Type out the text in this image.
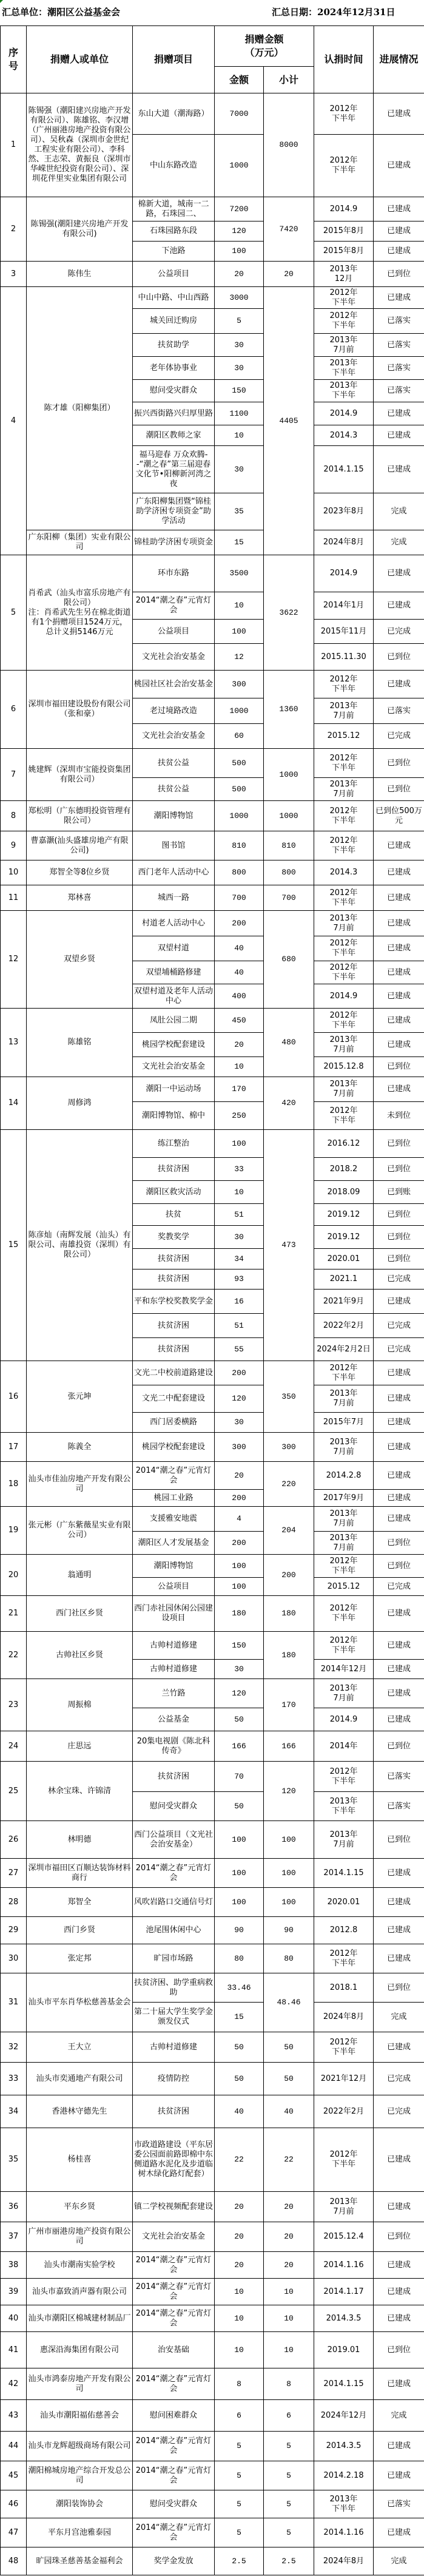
汇总单位：潮阳区公益基金会	汇总日期：2024年12月31日
序
号	捐赠人或单位	捐赠项目	捐赠金额
（万元）		认捐时间	进展情况
			金额	小计		
1	陈锡强（潮阳建兴房地产开发有限公司）、陈雄铭、李汉增（广州丽港房地产投资有限公司）、吴秋森（深圳市金世纪工程实业有限公司）、李科然、王志荣、黄振良（深圳市华嵘世纪投资有限公司）、深圳花伴里实业集团有限公司	东山大道（潮海路）	7000	8000	2012年
下半年	已建成
		中山东路改造	1000		2012年
下半年	已建成
2	陈锡强(潮阳建兴房地产开发有限公司)	棉新大道，城南一二路，石珠园二、	7200	7420	2014.9	已建成
		石珠园路东段	120		2015年8月	已建成
		下池路	100		2015年8月	已建成
3	陈伟生	公益项目	20	20	2013年
12月	已到位
4	陈才雄（阳柳集团）	中山中路、中山西路	3000	4405	2012年
下半年	已建成
		城关回迁购房	5		2012年
下半年	已落实
		扶贫助学	30		2013年
7月前	已落实
		老年体协事业	30		2013年
下半年	已落实
		慰问受灾群众	150		2013年
下半年	已落实
		振兴西街路兴归厚里路	1100		2014.9	已建成
		潮阳区教师之家	10		2014.3	已建成
		福马迎春 万众欢腾--“潮之春”第三届迎春文化节•阳柳新河湾之夜	30		2014.1.15	已建成
		广东阳柳集团暨“锦桂助学济困专项资金”助学活动	35		2023年8月	完成
	广东阳柳（集团）实业有限公司	锦桂助学济困专项资金	15		2024年8月	完成
5	肖希武（汕头市富乐房地产有限公司）
注：肖希武先生另在棉北街道有1个捐赠项目1524万元，总计义捐5146万元	环市东路	3500	3622	2014.9	已建成
		2014“潮之春”元宵灯会	10		2014年1月	已建成
		公益项目	100		2015年11月	已完成
		文光社会治安基金	12		2015.11.30	已到位
6	深圳市福田建设股份有限公司
（张和豪）	桃园社区社会治安基金	300	1360	2012年
下半年	已建成
		老过境路改造	1000		2013年
7月前	已落实
		文光社会治安基金	60		2015.12	已完成
7	姚建辉（深圳市宝能投资集团有限公司）	扶贫公益	500	1000	2012年
下半年	已到位
		扶贫公益	500		2013年
7月前	已到位
8	郑松明（广东德明投资管理有限公司）	潮阳博物馆	1000	1000	2012年
下半年	已到位500万元
9	曹嘉灏(汕头盛雄房地产有限公司)	图书馆	810	810	2012年
下半年	已建成
10	郑智全等8位乡贤	西门老年人活动中心	800	800	2014.3	已建成
11	郑林喜	城西一路	700	700	2012年
下半年	已建成
12	双望乡贤	村道老人活动中心	200	680	2013年
7月前	已建成
		双望村道	40		2012年
下半年	已建成
		双望埔桶路修建	40		2012年
下半年	已建成
		双望村道及老年人活动中心	400		2014.9	已建成
13	陈雄铭	凤肚公园二期	450	480	2012年
下半年	已建成
		桃园学校配套建设	20		2013年
7月前	已建成
		文光社会治安基金	10		2015.12.8	已到位
14	周修鸿	潮阳一中运动场	170	420	2013年
7月前	已建成
		潮阳博物馆、棉中	250		2012年
下半年	未到位
15	陈彦灿（南辉发展（汕头）有限公司、南雄投资（深圳）有限公司）	练江整治	100	473	2016.12	已到位
		扶贫济困	33		2018.2	已到位
		潮阳区救灾活动	10		2018.09	已到账
		扶贫	51		2019.12	已到位
		奖教奖学	30		2019.12	已到位
		扶贫济困	34		2020.01	已到位
		扶贫济困	93		2021.1	已完成
		平和东学校奖教奖学金	16		2021年9月	已建成
		扶贫济困	51		2022年2月	已完成
		扶贫济困	55		2024年2月2日	已完成
16	张元坤	文光二中校前道路建设	200	350	2012年
下半年	已建成
		文光二中配套建设	120		2013年
7月前	已建成
		西门居委横路	30		2015年7月	已建成
17	陈義全	桃园学校配套建设	300	300	2013年
7月前	已建成
18	汕头市佳汕房地产开发有限公司	2014“潮之春”元宵灯会	20	220	2014.2.8	已建成
		桃园工业路	200		2017年9月	已建成
19	张元彬（广东紫薇星实业有限公司）	支援雅安地震	4	204	2013年
7月前	已建成
		潮阳区人才发展基金	200		2013年
7月前	已到位
20	翁通明	潮阳博物馆	100	200	2012年
下半年	已到位
		公益项目	100		2015.12	已完成
21	西门社区乡贤	西门赤社园休闲公园建设项目	180	180	2012年
下半年	已建成
22	古帅社区乡贤	古帅村道修建	150	180	2012年
下半年	已建成
		古帅村道修建	30		2014年12月	已建成
23	周振棉	兰竹路	120	170	2013年
7月前	已建成
		公益基金	50		2014.9	已建成
24	庄思远	20集电视剧《陈北科传奇》	166	166	2014年	已到位
25	林余宝珠、许锦清	扶贫济困	70	120	2012年
下半年	已落实
		慰问受灾群众	50		2013年
下半年	已落实
26	林明德	西门公益项目（文光社会治安基金）	100	100	2013年
7月前	已到位
27	深圳市福田区百顺达装饰材料商行	2014“潮之春”元宵灯会	100	100	2014.1.15	已建成
28	郑智全	风吹岩路口交通信号灯	100	100	2020.01	已建成
29	西门乡贤	池尾围休闲中心	90	90	2012.8	已建成
30	张定邦	旷园市场路	80	80	2012年
下半年	已建成
31	汕头市平东肖华松慈善基金会	扶贫济困、助学重病救助	33.46	48.46	2018.1	已到位
		第二十届大学生奖学金颁发仪式	15		2024年8月	完成
32	王大立	古帅村道修建	50	50	2012年
下半年	已建成
33	汕头市奕通地产有限公司	疫情防控	50	50	2021年12月	已完成
34	香港林守德先生	扶贫济困	40	40	2022年2月	已完成
35	杨桂喜	市政道路建设（平东居委公园面前路即棉中东侧道路水泥化及步道临树木绿化路灯配套）	22	22	2012年
下半年	已建成
36	平东乡贤	镇二学校视频配套建设	20	20	2013年
7月前	已建成
37	广州市丽港房地产投资有限公司	文光社会治安基金	20	20	2015.12.4	已到位
38	汕头市潮南实验学校	2014“潮之春”元宵灯会	20	20	2014.1.16	已建成
39	汕头市嘉致消声器有限公司	2014“潮之春”元宵灯会	10	10	2014.1.17	已建成
40	汕头市潮阳区棉城建材制品厂	2014“潮之春”元宵灯会	10	10	2014.3.5	已建成
41	惠深沿海集团有限公司	治安基础	10	10	2019.01	已到位
42	汕头市鸿泰房地产开发有限公司	2014“潮之春”元宵灯会	8	8	2014.1.15	已建成
43	汕头市潮阳福佑慈善会	慰问困难群众	6	6	2024年12月	完成
44	汕头市龙辉超级商场有限公司	2014“潮之春”元宵灯会	5	5	2014.3.5	已建成
45	潮阳棉城房地产综合开发总公司	2014“潮之春”元宵灯会	5	5	2014.2.18	已建成
46	潮阳装饰协会	慰问受灾群众	5	5	2013年
下半年	已落实
47	平东月宫池雅泰园	2014“潮之春”元宵灯会	5	5	2014.1.16	已建成
48	旷园珠圣慈善基金福利会	奖学金发放	2.5	2.5	2024年8月	完成
